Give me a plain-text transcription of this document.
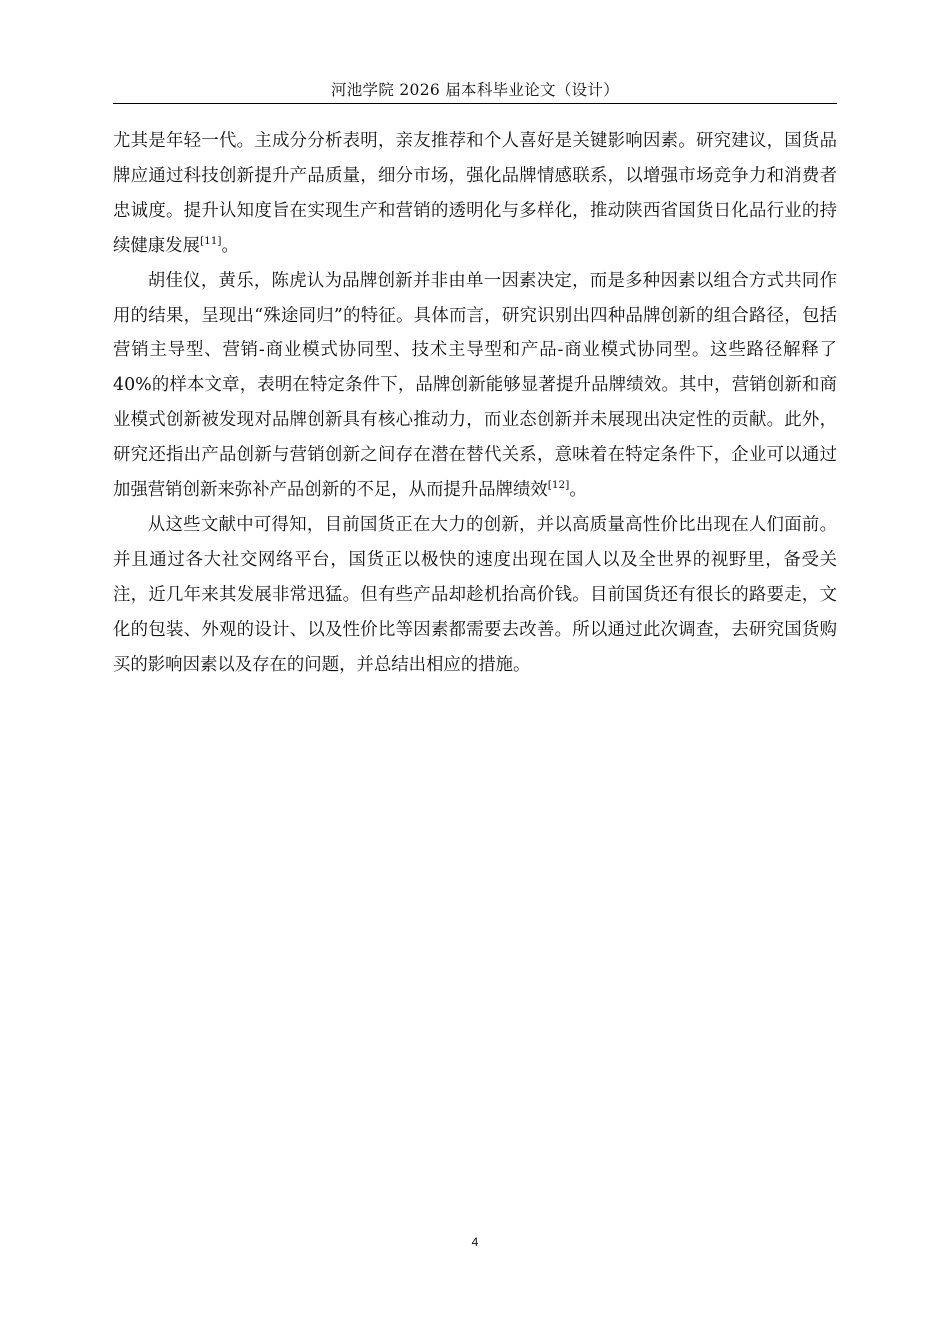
河池学院 2026 届本科毕业论文（设计）

尤其是年轻一代。主成分分析表明，亲友推荐和个人喜好是关键影响因素。研究建议，国货品牌应通过科技创新提升产品质量，细分市场，强化品牌情感联系，以增强市场竞争力和消费者忠诚度。提升认知度旨在实现生产和营销的透明化与多样化，推动陕西省国货日化品行业的持续健康发展[11]。

胡佳仪，黄乐，陈虎认为品牌创新并非由单一因素决定，而是多种因素以组合方式共同作用的结果，呈现出“殊途同归”的特征。具体而言，研究识别出四种品牌创新的组合路径，包括营销主导型、营销-商业模式协同型、技术主导型和产品-商业模式协同型。这些路径解释了 40%的样本文章，表明在特定条件下，品牌创新能够显著提升品牌绩效。其中，营销创新和商业模式创新被发现对品牌创新具有核心推动力，而业态创新并未展现出决定性的贡献。此外，研究还指出产品创新与营销创新之间存在潜在替代关系，意味着在特定条件下，企业可以通过加强营销创新来弥补产品创新的不足，从而提升品牌绩效[12]。

从这些文献中可得知，目前国货正在大力的创新，并以高质量高性价比出现在人们面前。并且通过各大社交网络平台，国货正以极快的速度出现在国人以及全世界的视野里，备受关注，近几年来其发展非常迅猛。但有些产品却趁机抬高价钱。目前国货还有很长的路要走，文化的包装、外观的设计、以及性价比等因素都需要去改善。所以通过此次调查，去研究国货购买的影响因素以及存在的问题，并总结出相应的措施。

4
